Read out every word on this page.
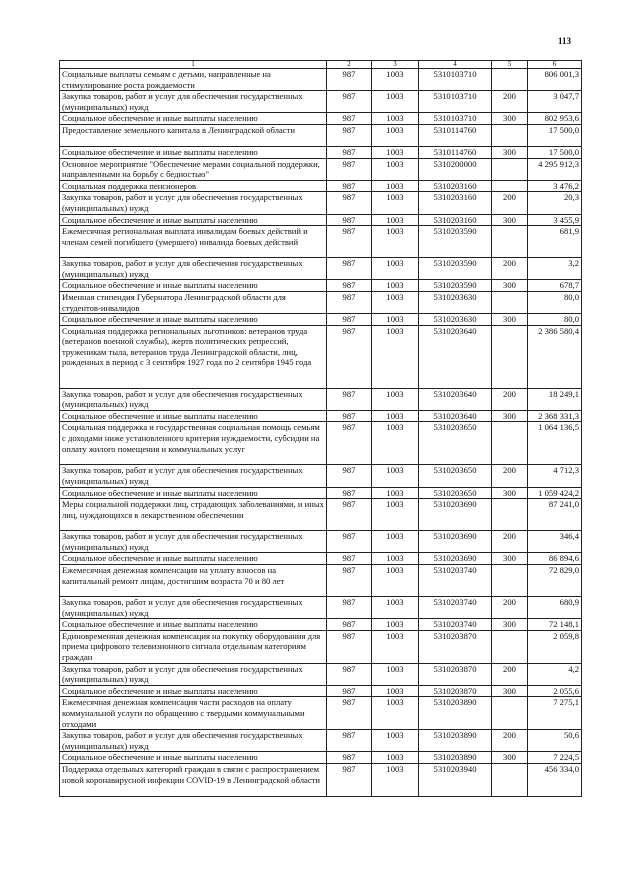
113
1	2	3	4	5	6
Социальные выплаты семьям с детьми, направленные на стимулирование роста рождаемости	987	1003	5310103710		806 001,3
Закупка товаров, работ и услуг для обеспечения государственных (муниципальных) нужд	987	1003	5310103710	200	3 047,7
Социальное обеспечение и иные выплаты населению	987	1003	5310103710	300	802 953,6
Предоставление земельного капитала в Ленинградской области	987	1003	5310114760		17 500,0
Социальное обеспечение и иные выплаты населению	987	1003	5310114760	300	17 500,0
Основное мероприятие "Обеспечение мерами социальной поддержки, направленными на борьбу с бедностью"	987	1003	5310200000		4 295 912,3
Социальная поддержка пенсионеров	987	1003	5310203160		3 476,2
Закупка товаров, работ и услуг для обеспечения государственных (муниципальных) нужд	987	1003	5310203160	200	20,3
Социальное обеспечение и иные выплаты населению	987	1003	5310203160	300	3 455,9
Ежемесячная региональная выплата инвалидам боевых действий и членам семей погибшего (умершего) инвалида боевых действий	987	1003	5310203590		681,9
Закупка товаров, работ и услуг для обеспечения государственных (муниципальных) нужд	987	1003	5310203590	200	3,2
Социальное обеспечение и иные выплаты населению	987	1003	5310203590	300	678,7
Именная стипендия Губернатора Ленинградской области для студентов-инвалидов	987	1003	5310203630		80,0
Социальное обеспечение и иные выплаты населению	987	1003	5310203630	300	80,0
Социальная поддержка региональных льготников: ветеранов труда (ветеранов военной службы), жертв политических репрессий, труженикам тыла, ветеранов труда Ленинградской области, лиц, рожденных в период с 3 сентября 1927 года по 2 сентября 1945 года	987	1003	5310203640		2 386 580,4
Закупка товаров, работ и услуг для обеспечения государственных (муниципальных) нужд	987	1003	5310203640	200	18 249,1
Социальное обеспечение и иные выплаты населению	987	1003	5310203640	300	2 368 331,3
Социальная поддержка и государственная социальная помощь семьям с доходами ниже установленного критерия нуждаемости, субсидии на оплату жилого помещения и коммунальных услуг	987	1003	5310203650		1 064 136,5
Закупка товаров, работ и услуг для обеспечения государственных (муниципальных) нужд	987	1003	5310203650	200	4 712,3
Социальное обеспечение и иные выплаты населению	987	1003	5310203650	300	1 059 424,2
Меры социальной поддержки лиц, страдающих заболеваниями, и иных лиц, нуждающихся в лекарственном обеспечении	987	1003	5310203690		87 241,0
Закупка товаров, работ и услуг для обеспечения государственных (муниципальных) нужд	987	1003	5310203690	200	346,4
Социальное обеспечение и иные выплаты населению	987	1003	5310203690	300	86 894,6
Ежемесячная денежная компенсация на уплату взносов на капитальный ремонт лицам, достигшим возраста 70 и 80 лет	987	1003	5310203740		72 829,0
Закупка товаров, работ и услуг для обеспечения государственных (муниципальных) нужд	987	1003	5310203740	200	680,9
Социальное обеспечение и иные выплаты населению	987	1003	5310203740	300	72 148,1
Единовременная денежная компенсация на покупку оборудования для приема цифрового телевизионного сигнала отдельным категориям граждан	987	1003	5310203870		2 059,8
Закупка товаров, работ и услуг для обеспечения государственных (муниципальных) нужд	987	1003	5310203870	200	4,2
Социальное обеспечение и иные выплаты населению	987	1003	5310203870	300	2 055,6
Ежемесячная денежная компенсация части расходов на оплату коммунальной услуги по обращению с твердыми коммунальными отходами	987	1003	5310203890		7 275,1
Закупка товаров, работ и услуг для обеспечения государственных (муниципальных) нужд	987	1003	5310203890	200	50,6
Социальное обеспечение и иные выплаты населению	987	1003	5310203890	300	7 224,5
Поддержка отдельных категорий граждан в связи с распространением новой коронавирусной инфекции COVID-19 в Ленинградской области	987	1003	5310203940		456 334,0
